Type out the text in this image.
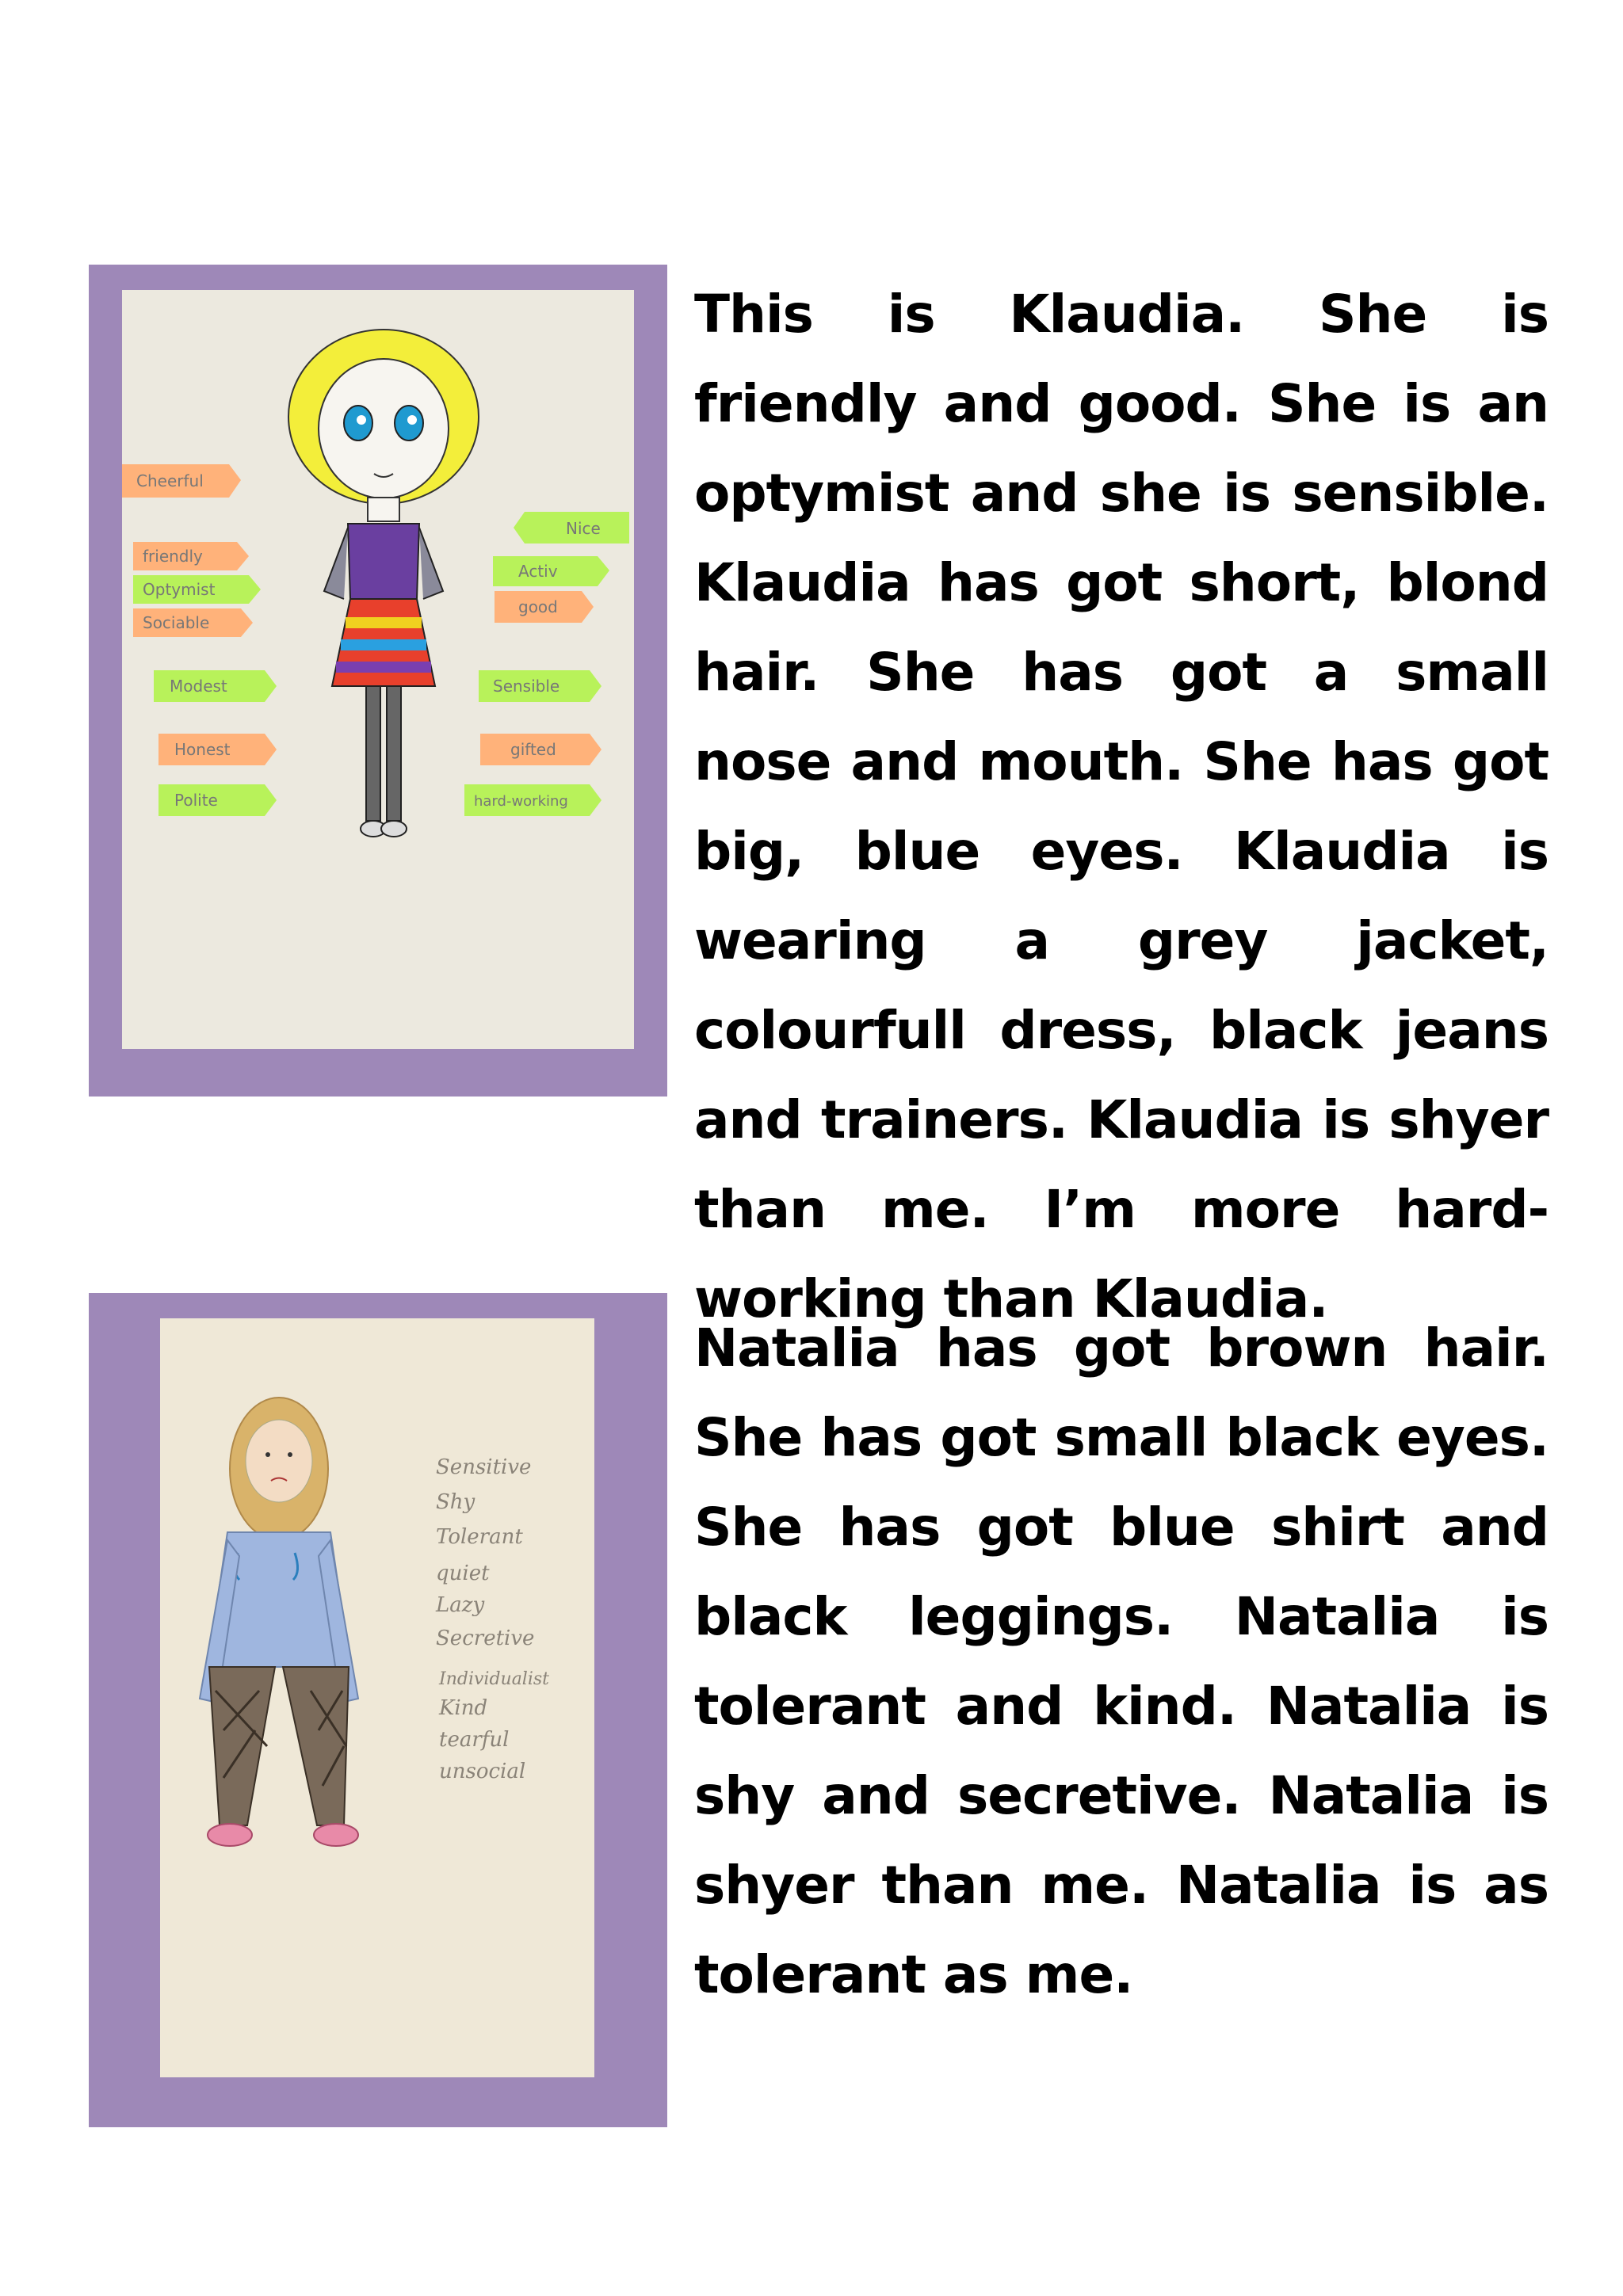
Cheerful
friendly
Optymist
Sociable
Modest
Honest
Polite
Nice
Activ
good
Sensible
gifted
hard-working
This is Klaudia. She is friendly and good. She is an optymist and she is sensible. Klaudia has got short, blond hair. She has got a small nose and mouth. She has got big, blue eyes. Klaudia is wearing a grey jacket, colourfull dress, black jeans and trainers. Klaudia is shyer than me. I’m more hard-working than Klaudia.
Sensitive
Shy
Tolerant
quiet
Lazy
Secretive
Individualist
Kind
tearful
unsocial
Natalia has got brown hair. She has got small black eyes. She has got blue shirt and black leggings. Natalia is tolerant and kind. Natalia is shy and secretive. Natalia is shyer than me. Natalia is as tolerant as me.
